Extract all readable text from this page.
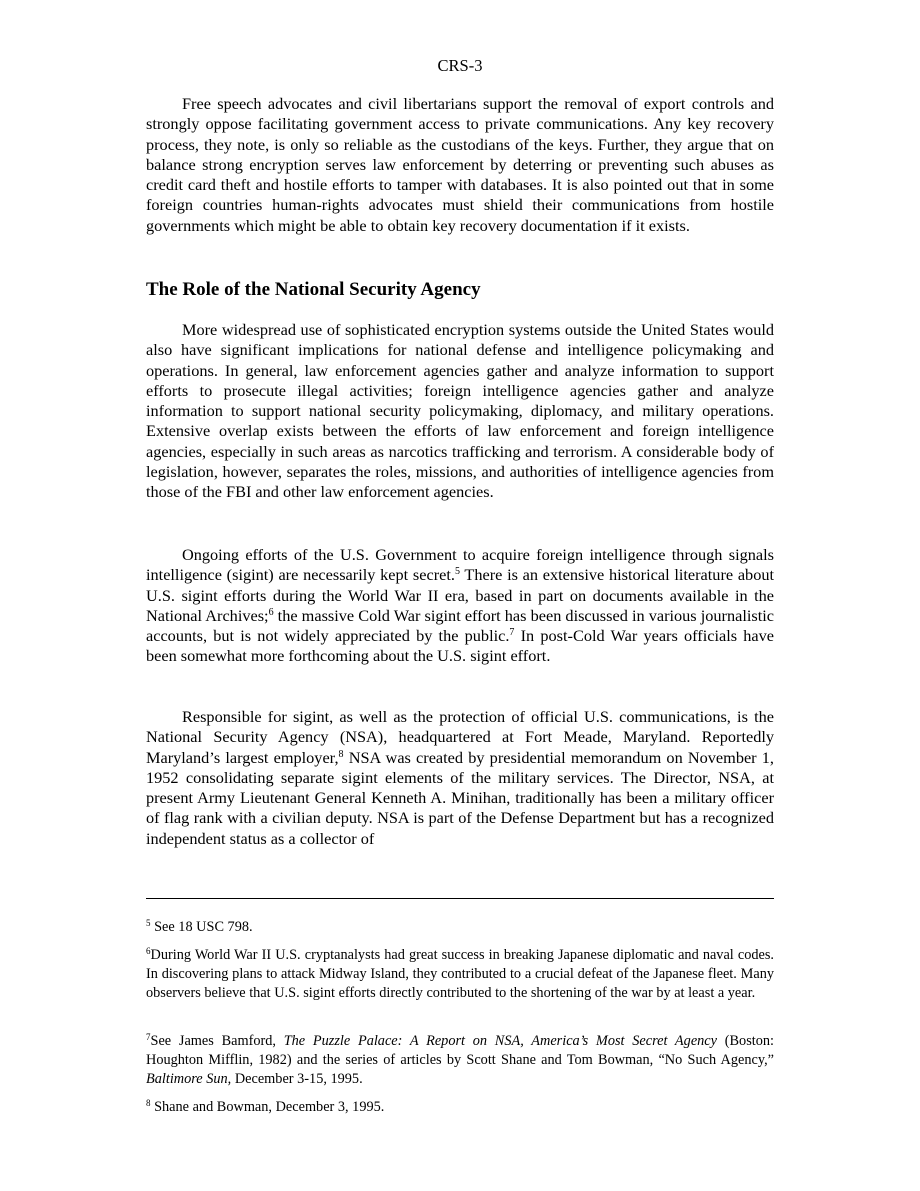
CRS-3

Free speech advocates and civil libertarians support the removal of export controls and strongly oppose facilitating government access to private communications. Any key recovery process, they note, is only so reliable as the custodians of the keys. Further, they argue that on balance strong encryption serves law enforcement by deterring or preventing such abuses as credit card theft and hostile efforts to tamper with databases. It is also pointed out that in some foreign countries human-rights advocates must shield their communications from hostile governments which might be able to obtain key recovery documentation if it exists.

The Role of the National Security Agency

More widespread use of sophisticated encryption systems outside the United States would also have significant implications for national defense and intelligence policymaking and operations. In general, law enforcement agencies gather and analyze information to support efforts to prosecute illegal activities; foreign intelligence agencies gather and analyze information to support national security policymaking, diplomacy, and military operations. Extensive overlap exists between the efforts of law enforcement and foreign intelligence agencies, especially in such areas as narcotics trafficking and terrorism. A considerable body of legislation, however, separates the roles, missions, and authorities of intelligence agencies from those of the FBI and other law enforcement agencies.

Ongoing efforts of the U.S. Government to acquire foreign intelligence through signals intelligence (sigint) are necessarily kept secret.$^5$ There is an extensive historical literature about U.S. sigint efforts during the World War II era, based in part on documents available in the National Archives;$^6$ the massive Cold War sigint effort has been discussed in various journalistic accounts, but is not widely appreciated by the public.$^7$ In post-Cold War years officials have been somewhat more forthcoming about the U.S. sigint effort.

Responsible for sigint, as well as the protection of official U.S. communications, is the National Security Agency (NSA), headquartered at Fort Meade, Maryland. Reportedly Maryland’s largest employer,$^8$ NSA was created by presidential memorandum on November 1, 1952 consolidating separate sigint elements of the military services. The Director, NSA, at present Army Lieutenant General Kenneth A. Minihan, traditionally has been a military officer of flag rank with a civilian deputy. NSA is part of the Defense Department but has a recognized independent status as a collector of

$^5$ See 18 USC 798.

$^6$During World War II U.S. cryptanalysts had great success in breaking Japanese diplomatic and naval codes. In discovering plans to attack Midway Island, they contributed to a crucial defeat of the Japanese fleet. Many observers believe that U.S. sigint efforts directly contributed to the shortening of the war by at least a year.

$^7$See James Bamford, The Puzzle Palace: A Report on NSA, America’s Most Secret Agency (Boston: Houghton Mifflin, 1982) and the series of articles by Scott Shane and Tom Bowman, “No Such Agency,” Baltimore Sun, December 3-15, 1995.

$^8$ Shane and Bowman, December 3, 1995.
